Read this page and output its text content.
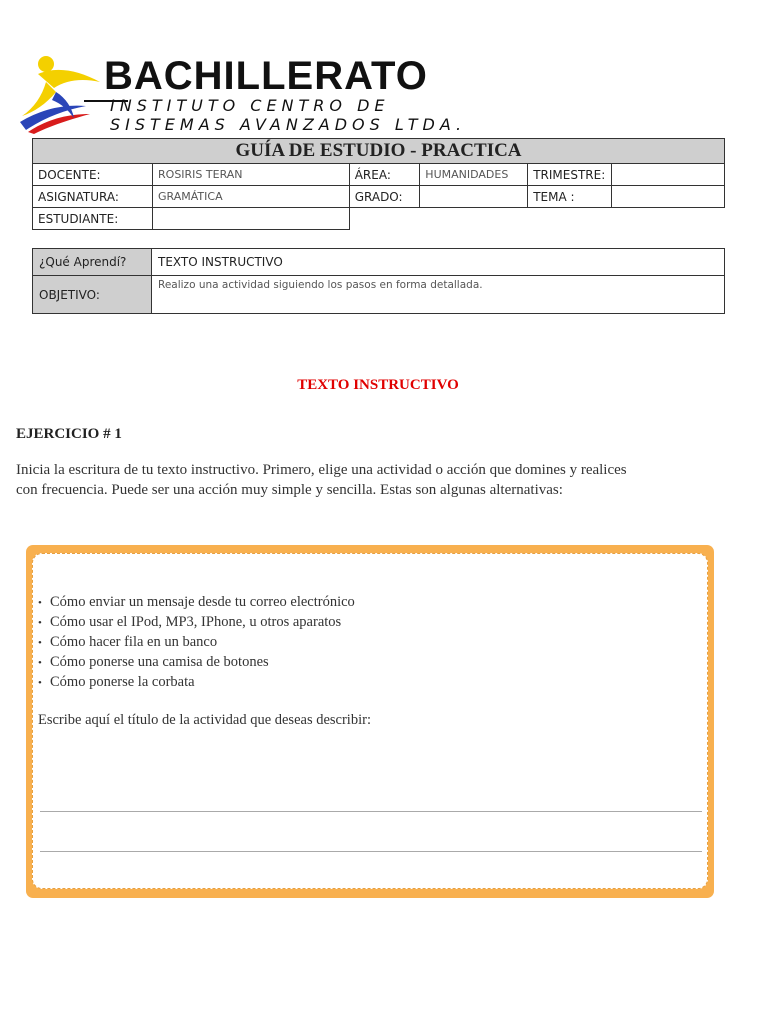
BACHILLERATO
INSTITUTO CENTRO DE
SISTEMAS AVANZADOS LTDA.
GUÍA DE ESTUDIO - PRACTICA					
DOCENTE:	ROSIRIS TERAN	ÁREA:	HUMANIDADES	TRIMESTRE:	
ASIGNATURA:	GRAMÁTICA	GRADO:		TEMA :	
ESTUDIANTE:					
¿Qué Aprendí?	TEXTO INSTRUCTIVO
OBJETIVO:	Realizo una actividad siguiendo los pasos en forma detallada.
TEXTO INSTRUCTIVO
EJERCICIO # 1
Inicia la escritura de tu texto instructivo. Primero, elige una actividad o acción que domines y realices con frecuencia. Puede ser una acción muy simple y sencilla. Estas son algunas alternativas:
• Cómo enviar un mensaje desde tu correo electrónico
• Cómo usar el IPod, MP3, IPhone, u otros aparatos
• Cómo hacer fila en un banco
• Cómo ponerse una camisa de botones
• Cómo ponerse la corbata
Escribe aquí el título de la actividad que deseas describir:
